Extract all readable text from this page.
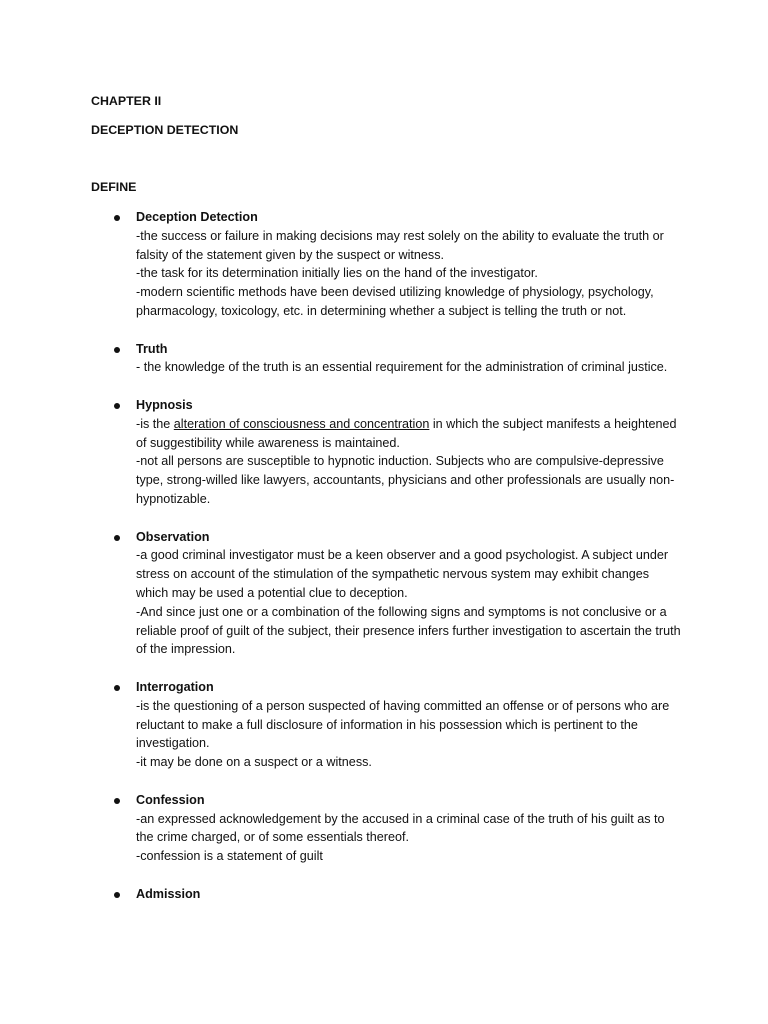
CHAPTER II
DECEPTION DETECTION
DEFINE
Deception Detection
-the success or failure in making decisions may rest solely on the ability to evaluate the truth or falsity of the statement given by the suspect or witness.
-the task for its determination initially lies on the hand of the investigator.
-modern scientific methods have been devised utilizing knowledge of physiology, psychology, pharmacology, toxicology, etc. in determining whether a subject is telling the truth or not.
Truth
- the knowledge of the truth is an essential requirement for the administration of criminal justice.
Hypnosis
-is the alteration of consciousness and concentration in which the subject manifests a heightened of suggestibility while awareness is maintained.
-not all persons are susceptible to hypnotic induction. Subjects who are compulsive-depressive type, strong-willed like lawyers, accountants, physicians and other professionals are usually non-hypnotizable.
Observation
-a good criminal investigator must be a keen observer and a good psychologist. A subject under stress on account of the stimulation of the sympathetic nervous system may exhibit changes which may be used a potential clue to deception.
-And since just one or a combination of the following signs and symptoms is not conclusive or a reliable proof of guilt of the subject, their presence infers further investigation to ascertain the truth of the impression.
Interrogation
-is the questioning of a person suspected of having committed an offense or of persons who are reluctant to make a full disclosure of information in his possession which is pertinent to the investigation.
-it may be done on a suspect or a witness.
Confession
-an expressed acknowledgement by the accused in a criminal case of the truth of his guilt as to the crime charged, or of some essentials thereof.
-confession is a statement of guilt
Admission
